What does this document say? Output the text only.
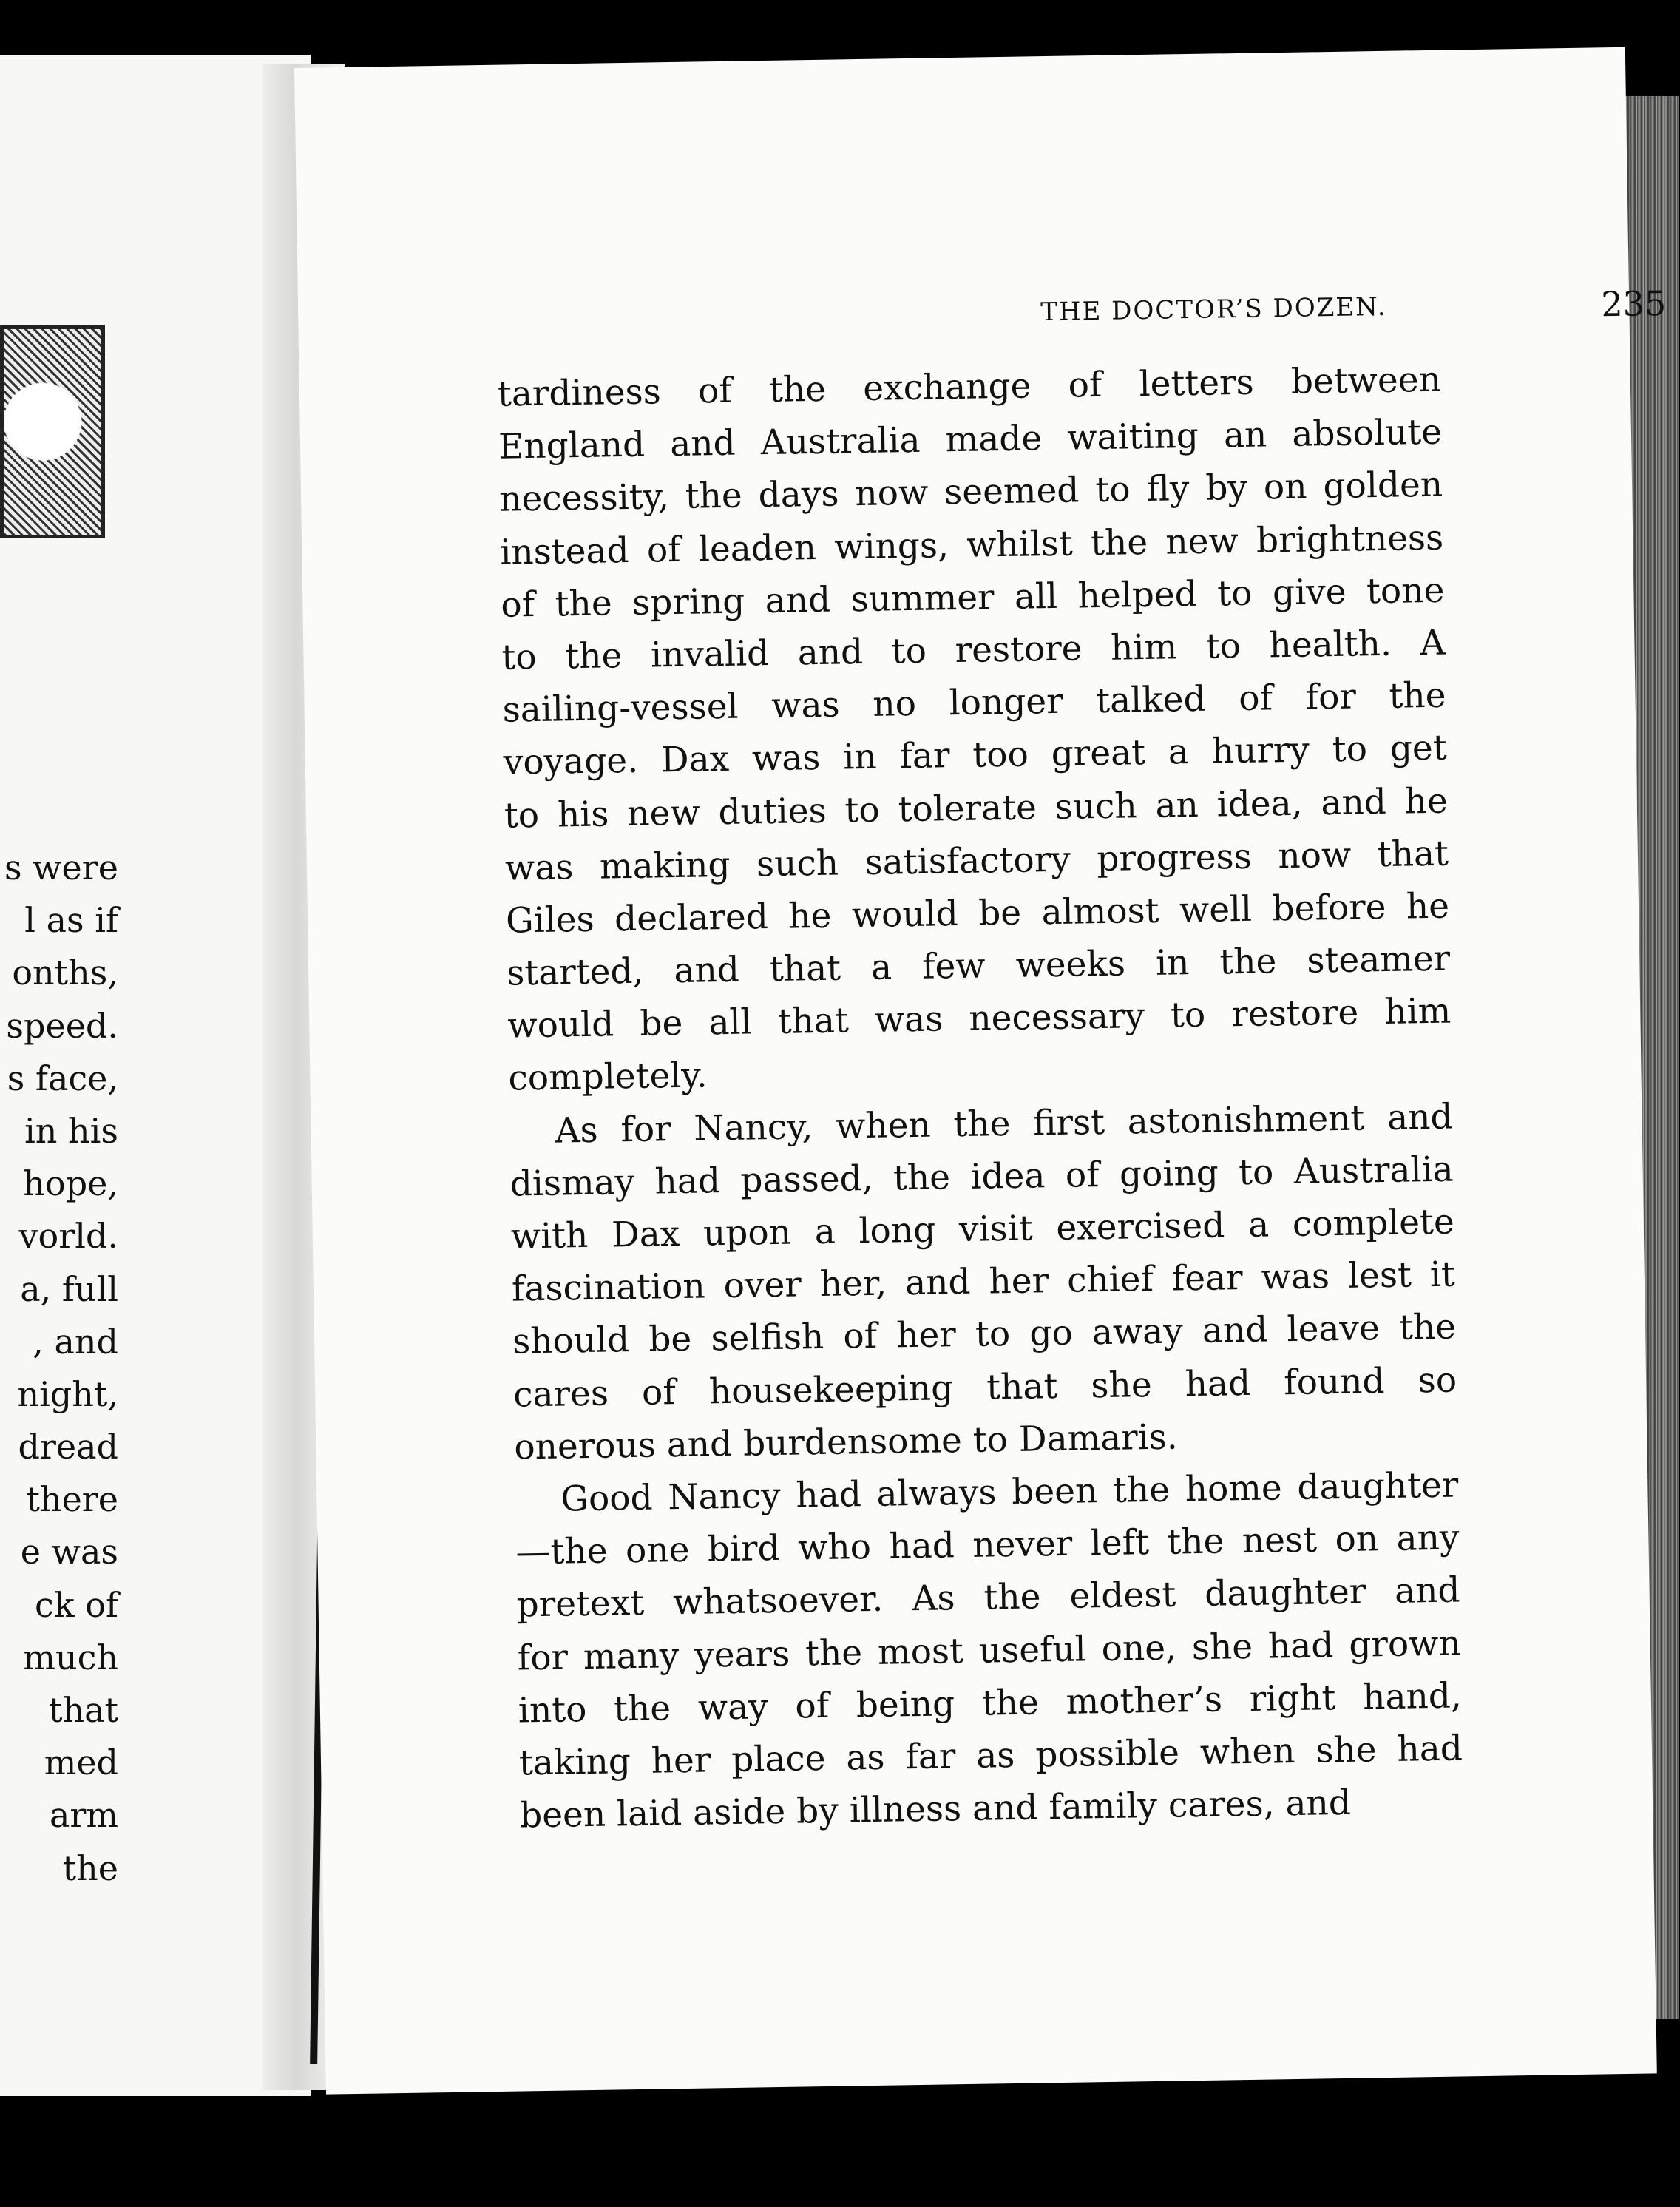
s were
l as if
onths,
speed.
s face,
in his
hope,
vorld.
a, full
, and
night,
dread
there
e was
ck of
much
that
med
arm
the
THE DOCTOR’S DOZEN.	235
tardiness of the exchange of letters between
England and Australia made waiting an absolute
necessity, the days now seemed to fly by on golden
instead of leaden wings, whilst the new brightness
of the spring and summer all helped to give tone
to the invalid and to restore him to health. A
sailing-vessel was no longer talked of for the
voyage. Dax was in far too great a hurry to get
to his new duties to tolerate such an idea, and he
was making such satisfactory progress now that
Giles declared he would be almost well before he
started, and that a few weeks in the steamer
would be all that was necessary to restore him
completely.
As for Nancy, when the first astonishment and
dismay had passed, the idea of going to Australia
with Dax upon a long visit exercised a complete
fascination over her, and her chief fear was lest it
should be selfish of her to go away and leave the
cares of housekeeping that she had found so
onerous and burdensome to Damaris.
Good Nancy had always been the home daughter
—the one bird who had never left the nest on any
pretext whatsoever. As the eldest daughter and
for many years the most useful one, she had grown
into the way of being the mother’s right hand,
taking her place as far as possible when she had
been laid aside by illness and family cares, and
